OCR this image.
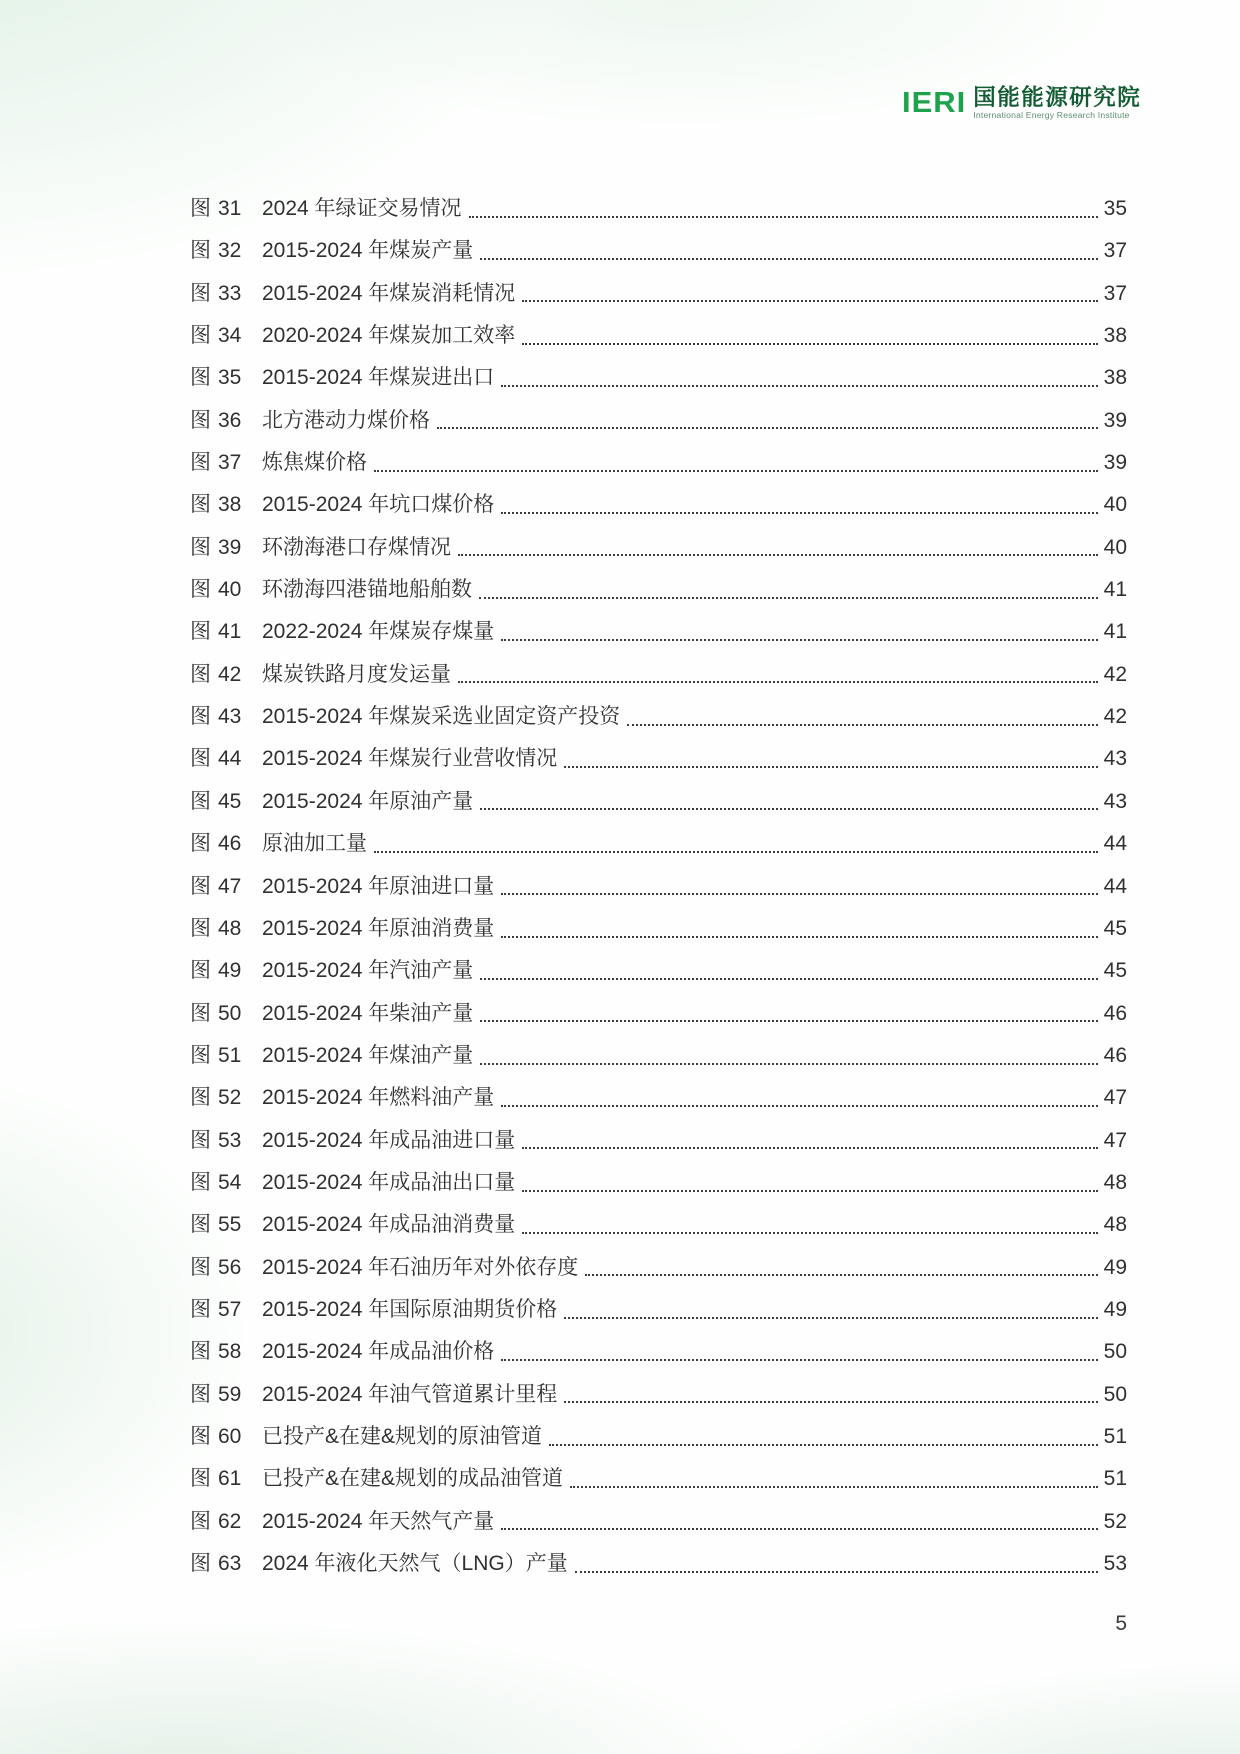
IERI 国能能源研究院
International Energy Research Institute
图 31 2024 年绿证交易情况	35
图 32 2015-2024 年煤炭产量	37
图 33 2015-2024 年煤炭消耗情况	37
图 34 2020-2024 年煤炭加工效率	38
图 35 2015-2024 年煤炭进出口	38
图 36 北方港动力煤价格	39
图 37 炼焦煤价格	39
图 38 2015-2024 年坑口煤价格	40
图 39 环渤海港口存煤情况	40
图 40 环渤海四港锚地船舶数	41
图 41 2022-2024 年煤炭存煤量	41
图 42 煤炭铁路月度发运量	42
图 43 2015-2024 年煤炭采选业固定资产投资	42
图 44 2015-2024 年煤炭行业营收情况	43
图 45 2015-2024 年原油产量	43
图 46 原油加工量	44
图 47 2015-2024 年原油进口量	44
图 48 2015-2024 年原油消费量	45
图 49 2015-2024 年汽油产量	45
图 50 2015-2024 年柴油产量	46
图 51 2015-2024 年煤油产量	46
图 52 2015-2024 年燃料油产量	47
图 53 2015-2024 年成品油进口量	47
图 54 2015-2024 年成品油出口量	48
图 55 2015-2024 年成品油消费量	48
图 56 2015-2024 年石油历年对外依存度	49
图 57 2015-2024 年国际原油期货价格	49
图 58 2015-2024 年成品油价格	50
图 59 2015-2024 年油气管道累计里程	50
图 60 已投产&在建&规划的原油管道	51
图 61 已投产&在建&规划的成品油管道	51
图 62 2015-2024 年天然气产量	52
图 63 2024 年液化天然气（LNG）产量	53
5
